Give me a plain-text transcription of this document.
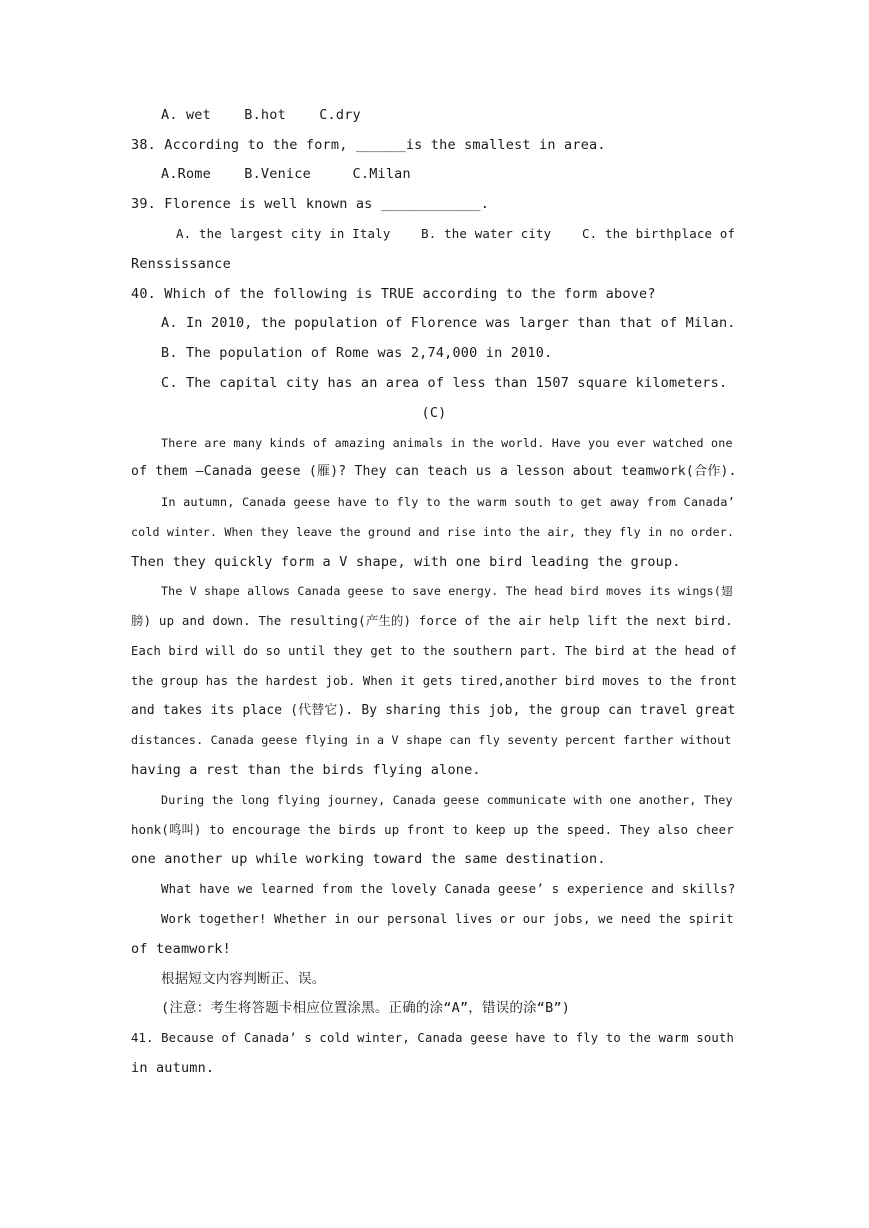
A. wet    B.hot    C.dry
38. According to the form, ______is the smallest in area.
A.Rome    B.Venice     C.Milan
39. Florence is well known as ____________.
A. the largest city in Italy    B. the water city    C. the birthplace of
Renssissance
40. Which of the following is TRUE according to the form above?
A. In 2010, the population of Florence was larger than that of Milan.
B. The population of Rome was 2,74,000 in 2010.
C. The capital city has an area of less than 1507 square kilometers.
(C)
There are many kinds of amazing animals in the world. Have you ever watched one
of them —Canada geese (雁)? They can teach us a lesson about teamwork(合作).
In autumn, Canada geese have to fly to the warm south to get away from Canada’
cold winter. When they leave the ground and rise into the air, they fly in no order.
Then they quickly form a V shape, with one bird leading the group.
The V shape allows Canada geese to save energy. The head bird moves its wings(翅
膀) up and down. The resulting(产生的) force of the air help lift the next bird.
Each bird will do so until they get to the southern part. The bird at the head of
the group has the hardest job. When it gets tired,another bird moves to the front
and takes its place (代替它). By sharing this job, the group can travel great
distances. Canada geese flying in a V shape can fly seventy percent farther without
having a rest than the birds flying alone.
During the long flying journey, Canada geese communicate with one another, They
honk(鸣叫) to encourage the birds up front to keep up the speed. They also cheer
one another up while working toward the same destination.
What have we learned from the lovely Canada geese’ s experience and skills?
Work together! Whether in our personal lives or our jobs, we need the spirit
of teamwork!
根据短文内容判断正、误。
(注意：考生将答题卡相应位置涂黑。正确的涂“A”，错误的涂“B”)
41. Because of Canada’ s cold winter, Canada geese have to fly to the warm south
in autumn.
